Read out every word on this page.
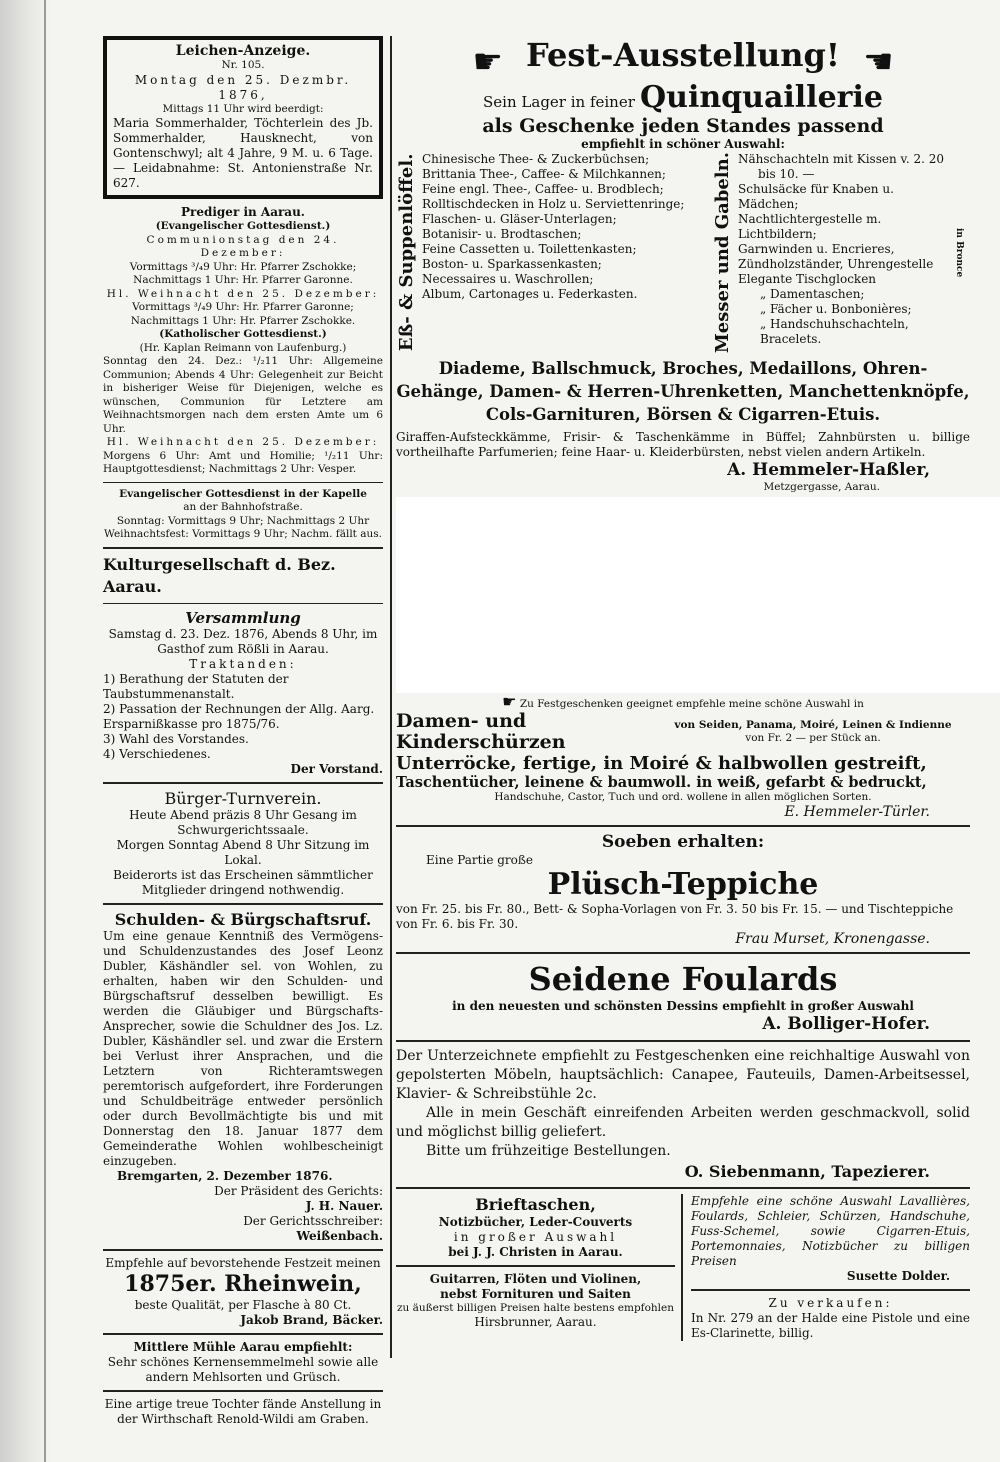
Leichen-Anzeige.
Nr. 105.
Montag den 25. Dezmbr. 1876,
Mittags 11 Uhr wird beerdigt:
Maria Sommerhalder, Töchterlein des Jb. Sommerhalder, Hausknecht, von Gontenschwyl; alt 4 Jahre, 9 M. u. 6 Tage. — Leidabnahme: St. Antonienstraße Nr. 627.
Prediger in Aarau.
(Evangelischer Gottesdienst.)
Communionstag den 24. Dezember:
Vormittags ³/₄9 Uhr: Hr. Pfarrer Zschokke; Nachmittags 1 Uhr: Hr. Pfarrer Garonne.
Hl. Weihnacht den 25. Dezember:
Vormittags ³/₄9 Uhr: Hr. Pfarrer Garonne; Nachmittags 1 Uhr: Hr. Pfarrer Zschokke.
(Katholischer Gottesdienst.)
(Hr. Kaplan Reimann von Laufenburg.)
Sonntag den 24. Dez.: ¹/₂11 Uhr: Allgemeine Communion; Abends 4 Uhr: Gelegenheit zur Beicht in bisheriger Weise für Diejenigen, welche es wünschen, Communion für Letztere am Weihnachtsmorgen nach dem ersten Amte um 6 Uhr.
Hl. Weihnacht den 25. Dezember:
Morgens 6 Uhr: Amt und Homilie; ¹/₂11 Uhr: Hauptgottesdienst; Nachmittags 2 Uhr: Vesper.
Evangelischer Gottesdienst in der Kapelle
an der Bahnhofstraße.
Sonntag: Vormittags 9 Uhr; Nachmittags 2 Uhr
Weihnachtsfest: Vormittags 9 Uhr; Nachm. fällt aus.
Kulturgesellschaft d. Bez. Aarau.
Versammlung
Samstag d. 23. Dez. 1876, Abends 8 Uhr, im Gasthof zum Rößli in Aarau.
Traktanden:
1) Berathung der Statuten der Taubstummenanstalt.
2) Passation der Rechnungen der Allg. Aarg. Ersparnißkasse pro 1875/76.
3) Wahl des Vorstandes.
4) Verschiedenes.
Der Vorstand.
Bürger-Turnverein.
Heute Abend präzis 8 Uhr Gesang im Schwurgerichtssaale.
Morgen Sonntag Abend 8 Uhr Sitzung im Lokal.
Beiderorts ist das Erscheinen sämmtlicher Mitglieder dringend nothwendig.
Schulden- & Bürgschaftsruf.
Um eine genaue Kenntniß des Vermögens- und Schuldenzustandes des Josef Leonz Dubler, Käshändler sel. von Wohlen, zu erhalten, haben wir den Schulden- und Bürgschaftsruf desselben bewilligt. Es werden die Gläubiger und Bürgschafts-Ansprecher, sowie die Schuldner des Jos. Lz. Dubler, Käshändler sel. und zwar die Erstern bei Verlust ihrer Ansprachen, und die Letztern von Richteramtswegen peremtorisch aufgefordert, ihre Forderungen und Schuldbeiträge entweder persönlich oder durch Bevollmächtigte bis und mit Donnerstag den 18. Januar 1877 dem Gemeinderathe Wohlen wohlbescheinigt einzugeben.
Bremgarten, 2. Dezember 1876.
Der Präsident des Gerichts:
J. H. Nauer.
Der Gerichtsschreiber:
Weißenbach.
Empfehle auf bevorstehende Festzeit meinen
1875er. Rheinwein,
beste Qualität, per Flasche à 80 Ct.
Jakob Brand, Bäcker.
Mittlere Mühle Aarau empfiehlt:
Sehr schönes Kernensemmelmehl sowie alle andern Mehlsorten und Grüsch.
Eine artige treue Tochter fände Anstellung in der Wirthschaft Renold-Wildi am Graben.
☛ Fest-Ausstellung! ☚
Sein Lager in feiner Quinquaillerie
als Geschenke jeden Standes passend
empfiehlt in schöner Auswahl:
Eß- & Suppenlöffel. Chinesische Thee- & Zuckerbüchsen;
Brittania Thee-, Caffee- & Milchkannen;
Feine engl. Thee-, Caffee- u. Brodblech;
Rolltischdecken in Holz u. Serviettenringe;
Flaschen- u. Gläser-Unterlagen;
Botanisir- u. Brodtaschen;
Feine Cassetten u. Toilettenkasten;
Boston- u. Sparkassenkasten;
Necessaires u. Waschrollen;
Album, Cartonages u. Federkasten.	Messer und Gabeln. Nähschachteln mit Kissen v. 2. 20
bis 10. —
Schulsäcke für Knaben u. Mädchen;
Nachtlichtergestelle m. Lichtbildern;
Garnwinden u. Encrieres,
Zündholzständer, Uhrengestelle
Elegante Tischglocken
„ Damentaschen;
„ Fächer u. Bonbonières;
„ Handschuhschachteln, Bracelets.
in Bronce
Diademe, Ballschmuck, Broches, Medaillons, Ohren-Gehänge, Damen- & Herren-Uhrenketten, Manchettenknöpfe, Cols-Garnituren, Börsen & Cigarren-Etuis.
Giraffen-Aufsteckkämme, Frisir- & Taschenkämme in Büffel; Zahnbürsten u. billige vortheilhafte Parfumerien; feine Haar- u. Kleiderbürsten, nebst vielen andern Artikeln.
A. Hemmeler-Haßler,
Metzgergasse, Aarau.
☛ Zu Festgeschenken geeignet empfehle meine schöne Auswahl in
Damen- und Kinderschürzen
von Seiden, Panama, Moiré, Leinen & Indienne
von Fr. 2 — per Stück an.
Unterröcke, fertige, in Moiré & halbwollen gestreift,
Taschentücher, leinene & baumwoll. in weiß, gefarbt & bedruckt,
Handschuhe, Castor, Tuch und ord. wollene in allen möglichen Sorten.
E. Hemmeler-Türler.
Soeben erhalten:
Eine Partie große
Plüsch-Teppiche
von Fr. 25. bis Fr. 80., Bett- & Sopha-Vorlagen von Fr. 3. 50 bis Fr. 15. — und Tischteppiche von Fr. 6. bis Fr. 30.
Frau Murset, Kronengasse.
Seidene Foulards
in den neuesten und schönsten Dessins empfiehlt in großer Auswahl
A. Bolliger-Hofer.
Der Unterzeichnete empfiehlt zu Festgeschenken eine reichhaltige Auswahl von gepolsterten Möbeln, hauptsächlich: Canapee, Fauteuils, Damen-Arbeitsessel, Klavier- & Schreibstühle 2c.
Alle in mein Geschäft einreifenden Arbeiten werden geschmackvoll, solid und möglichst billig geliefert.
Bitte um frühzeitige Bestellungen.
O. Siebenmann, Tapezierer.
Brieftaschen,
Notizbücher, Leder-Couverts
in großer Auswahl
bei J. J. Christen in Aarau.
Guitarren, Flöten und Violinen,
nebst Fornituren und Saiten
zu äußerst billigen Preisen halte bestens empfohlen
Hirsbrunner, Aarau.
Empfehle eine schöne Auswahl Lavallières, Foulards, Schleier, Schürzen, Handschuhe, Fuss-Schemel, sowie Cigarren-Etuis, Portemonnaies, Notizbücher zu billigen Preisen
Susette Dolder.
Zu verkaufen:
In Nr. 279 an der Halde eine Pistole und eine Es-Clarinette, billig.
